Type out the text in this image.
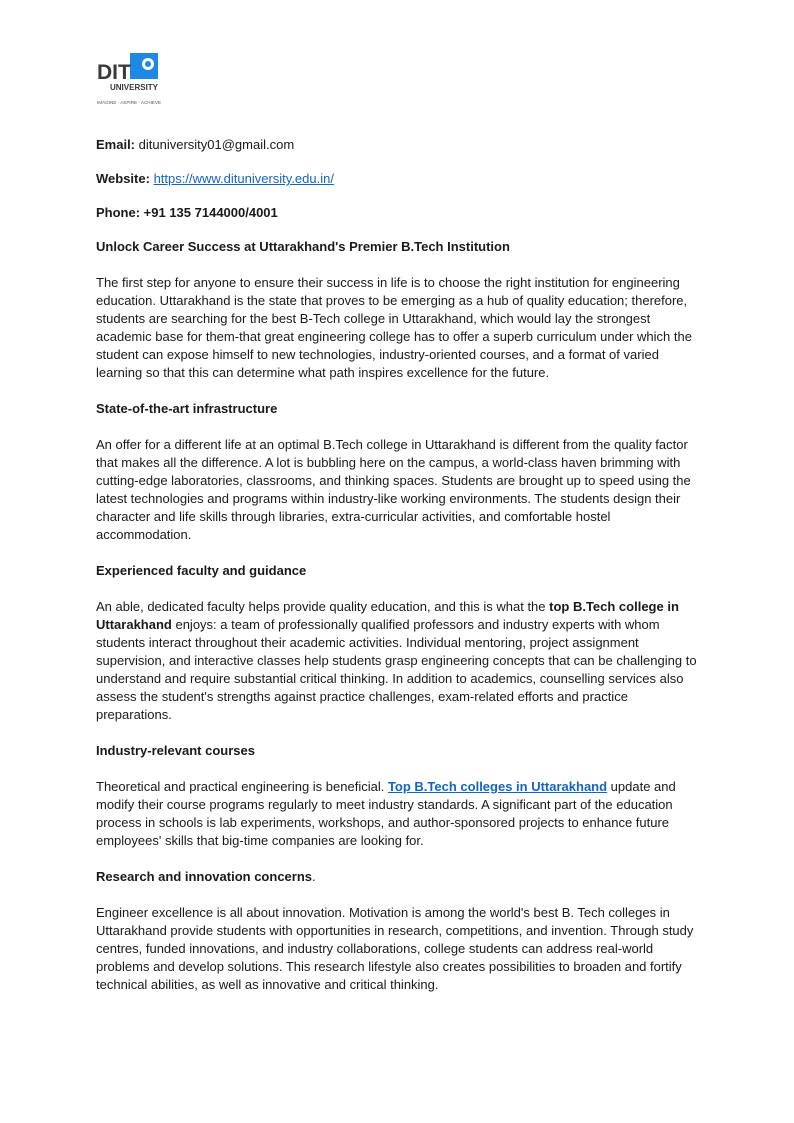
DIT
UNIVERSITY
IMAGINE · ASPIRE · ACHIEVE

Email: dituniversity01@gmail.com

Website: https://www.dituniversity.edu.in/

Phone: +91 135 7144000/4001

Unlock Career Success at Uttarakhand's Premier B.Tech Institution

The first step for anyone to ensure their success in life is to choose the right institution for engineering education. Uttarakhand is the state that proves to be emerging as a hub of quality education; therefore, students are searching for the best B-Tech college in Uttarakhand, which would lay the strongest academic base for them-that great engineering college has to offer a superb curriculum under which the student can expose himself to new technologies, industry-oriented courses, and a format of varied learning so that this can determine what path inspires excellence for the future.

State-of-the-art infrastructure

An offer for a different life at an optimal B.Tech college in Uttarakhand is different from the quality factor that makes all the difference. A lot is bubbling here on the campus, a world-class haven brimming with cutting-edge laboratories, classrooms, and thinking spaces. Students are brought up to speed using the latest technologies and programs within industry-like working environments. The students design their character and life skills through libraries, extra-curricular activities, and comfortable hostel accommodation.

Experienced faculty and guidance

An able, dedicated faculty helps provide quality education, and this is what the top B.Tech college in Uttarakhand enjoys: a team of professionally qualified professors and industry experts with whom students interact throughout their academic activities. Individual mentoring, project assignment supervision, and interactive classes help students grasp engineering concepts that can be challenging to understand and require substantial critical thinking. In addition to academics, counselling services also assess the student's strengths against practice challenges, exam-related efforts and practice preparations.

Industry-relevant courses

Theoretical and practical engineering is beneficial. Top B.Tech colleges in Uttarakhand update and modify their course programs regularly to meet industry standards. A significant part of the education process in schools is lab experiments, workshops, and author-sponsored projects to enhance future employees' skills that big-time companies are looking for.

Research and innovation concerns.

Engineer excellence is all about innovation. Motivation is among the world's best B. Tech colleges in Uttarakhand provide students with opportunities in research, competitions, and invention. Through study centres, funded innovations, and industry collaborations, college students can address real-world problems and develop solutions. This research lifestyle also creates possibilities to broaden and fortify technical abilities, as well as innovative and critical thinking.
